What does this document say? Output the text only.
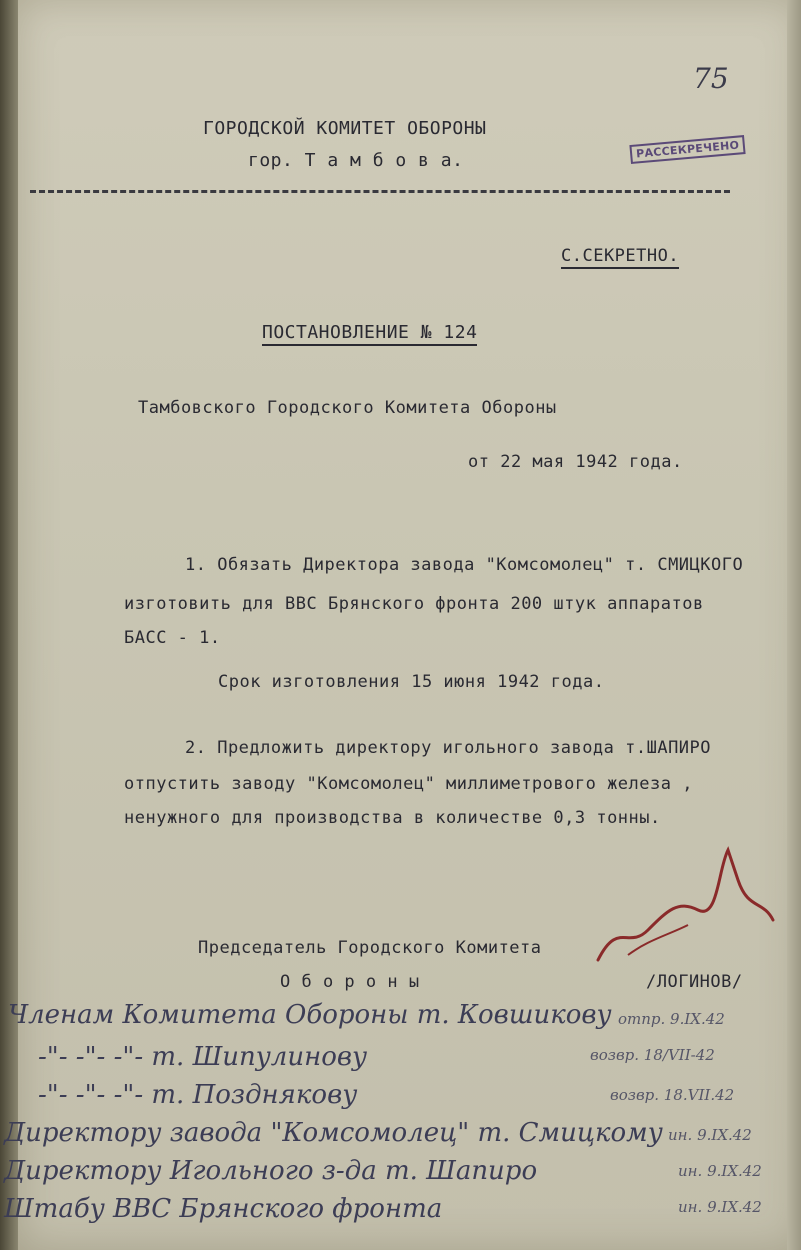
75
ГОРОДСКОЙ КОМИТЕТ ОБОРОНЫ
гор. Т а м б о в а.
РАССЕКРЕЧЕНО
С.СЕКРЕТНО.
ПОСТАНОВЛЕНИЕ № 124
Тамбовского Городского Комитета Обороны
от 22 мая 1942 года.
1. Обязать Директора завода "Комсомолец" т. СМИЦКОГО
изготовить для ВВС Брянского фронта 200 штук аппаратов
БАСС - 1.
Срок изготовления 15 июня 1942 года.
2. Предложить директору игольного завода т.ШАПИРО
отпустить заводу "Комсомолец" миллиметрового железа ,
ненужного для производства в количестве 0,3 тонны.
Председатель Городского Комитета
О б о р о н ы	/ЛОГИНОВ/
Членам Комитета Обороны т. Ковшикову отпр. 9.IX.42
-"- -"- -"- т. Шипулинову	возвр. 18/VII-42
-"- -"- -"- т. Поздняковy	возвр. 18.VII.42
Директору завода "Комсомолец" т. Смицкому ин. 9.IX.42
Директору Игольного з-да т. Шапиро	ин. 9.IX.42
Штабу ВВС Брянского фронта	ин. 9.IX.42
